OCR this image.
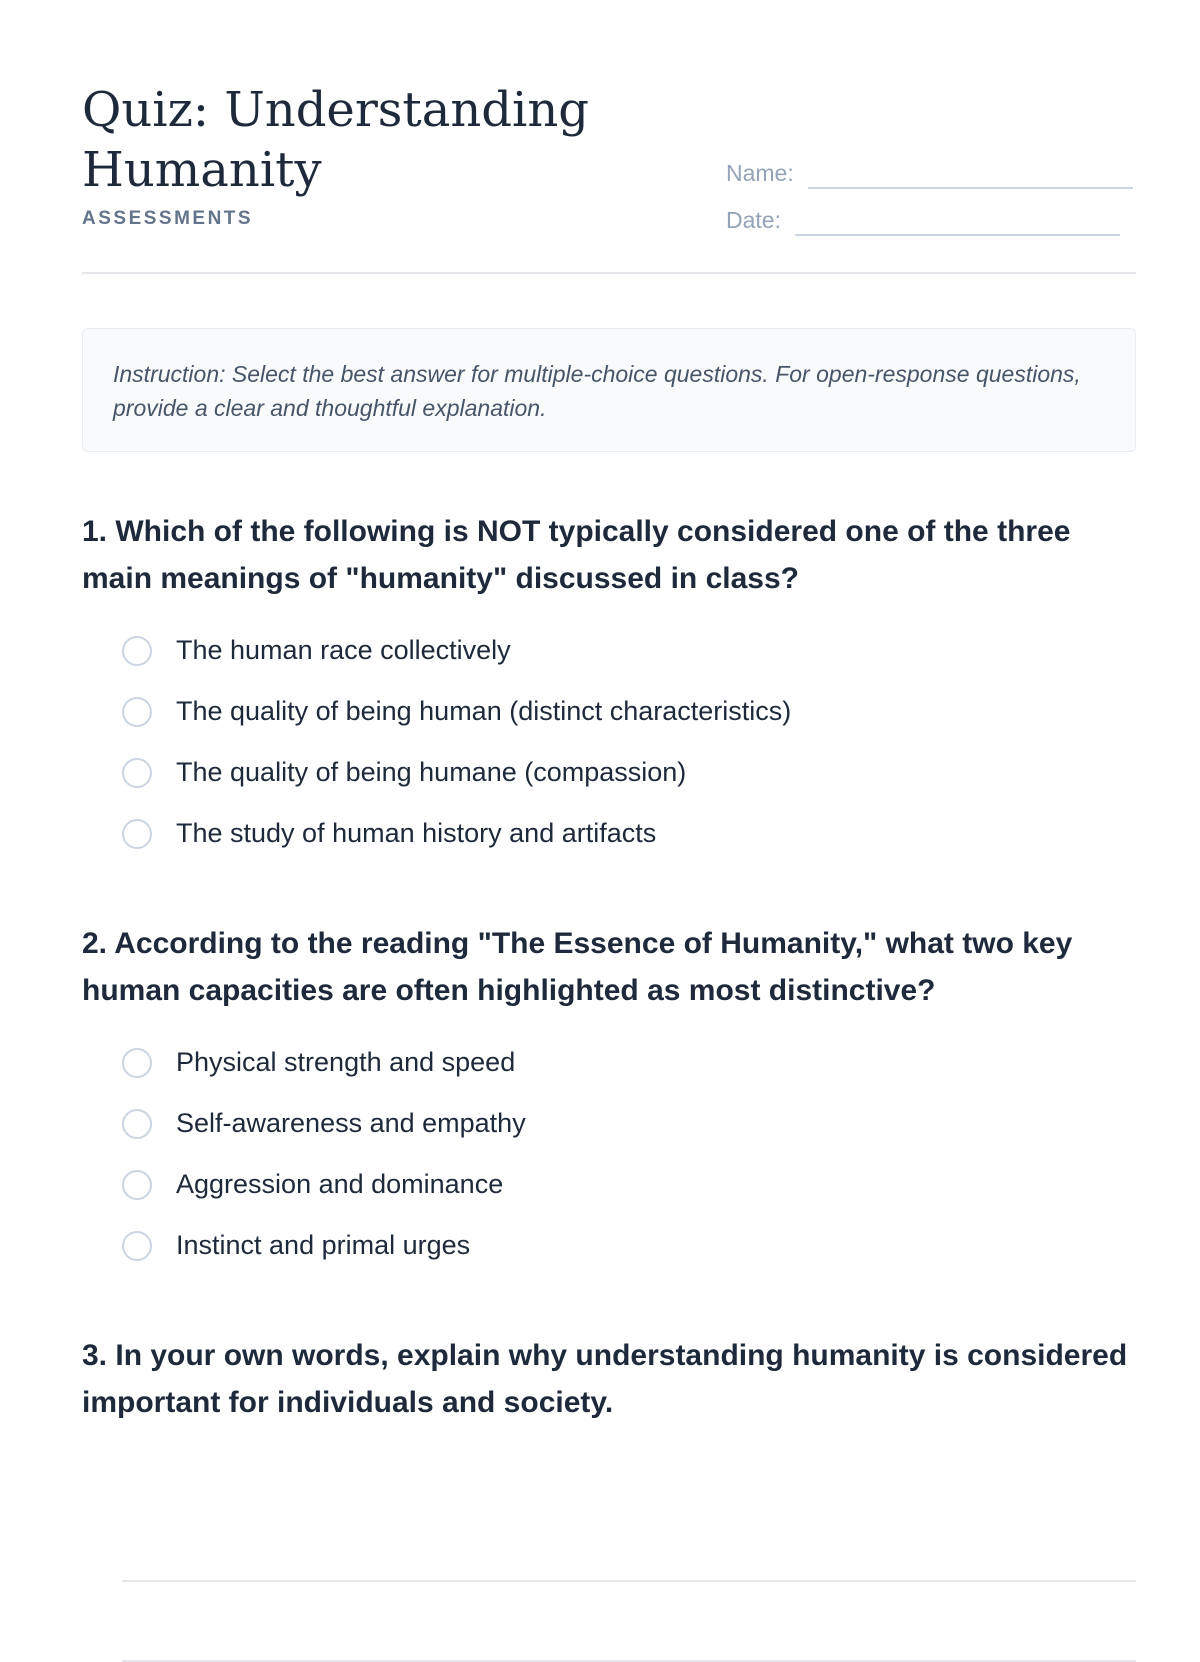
Quiz: Understanding Humanity
ASSESSMENTS
Name:
Date:
Instruction: Select the best answer for multiple-choice questions. For open-response questions, provide a clear and thoughtful explanation.

1. Which of the following is NOT typically considered one of the three main meanings of "humanity" discussed in class?

The human race collectively
The quality of being human (distinct characteristics)
The quality of being humane (compassion)
The study of human history and artifacts

2. According to the reading "The Essence of Humanity," what two key human capacities are often highlighted as most distinctive?

Physical strength and speed
Self-awareness and empathy
Aggression and dominance
Instinct and primal urges

3. In your own words, explain why understanding humanity is considered important for individuals and society.
